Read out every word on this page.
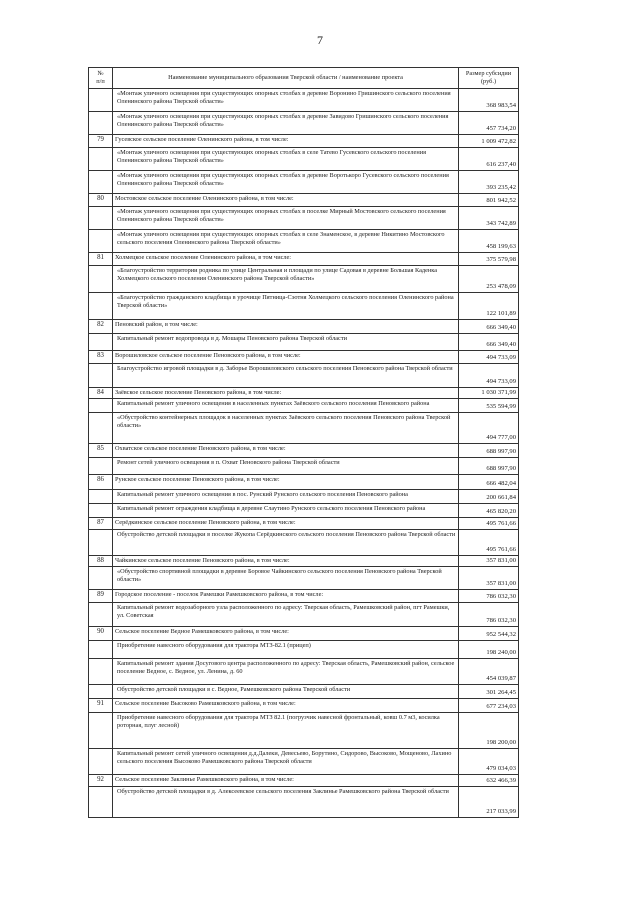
7
№
п/п	Наименование муниципального образования Тверской области / наименование проекта	Размер субсидии (руб.)
	«Монтаж уличного освещения при существующих опорных столбах в деревне Воронино Гришинского сельского поселения Оленинского района Тверской области»	368 983,54
	«Монтаж уличного освещения при существующих опорных столбах в деревне Завидово Гришинского сельского поселения Оленинского района Тверской области»	457 734,20
79	Гусевское сельское поселение Оленинского района, в том числе:	1 009 472,82
	«Монтаж уличного освещения при существующих опорных столбах в селе Татево Гусевского сельского поселения Оленинского района Тверской области»	616 237,40
	«Монтаж уличного освещения при существующих опорных столбах в деревне Воротькоро Гусевского сельского поселения Оленинского района Тверской области»	393 235,42
80	Мостовское сельское поселение Оленинского района, в том числе:	801 942,52
	«Монтаж уличного освещения при существующих опорных столбах в поселке Мирный Мостовского сельского поселения Оленинского района Тверской области»	343 742,89
	«Монтаж уличного освещения при существующих опорных столбах в селе Знаменское, в деревне Никитино Мостовского сельского поселения Оленинского района Тверской области»	458 199,63
81	Холмецкое сельское поселение Оленинского района, в том числе:	375 579,98
	«Благоустройство территории родника по улице Центральная и площади по улице Садовая в деревне Большая Каденка Холмецкого сельского поселения Оленинского района Тверской области»	253 478,09
	«Благоустройство гражданского кладбища в урочище Пятница-Сэотня Холмецкого сельского поселения Оленинского района Тверской области»	122 101,89
82	Пеновский район, в том числе:	666 349,40
	Капитальный ремонт водопровода в д. Мошары Пеновского района Тверской области	666 349,40
83	Ворошиловское сельское поселение Пеновского района, в том числе:	494 733,09
	Благоустройство игровой площадки в д. Заборье Ворошиловского сельского поселения Пеновского района Тверской области	494 733,09
84	Заёвское сельское поселение Пеновского района, в том числе:	1 030 371,99
	Капитальный ремонт уличного освещения в населенных пунктах Заёвского сельского поселения Пеновского района	535 594,99
	«Обустройство контейнерных площадок в населенных пунктах Заёвского сельского поселения Пеновского района Тверской области»	494 777,00
85	Охватское сельское поселение Пеновского района, в том числе:	688 997,90
	Ремонт сетей уличного освещения в п. Охват Пеновского района Тверской области	688 997,90
86	Рунское сельское поселение Пеновского района, в том числе:	666 482,04
	Капитальный ремонт уличного освещения в пос. Рунский Рунского сельского поселения Пеновского района	200 661,84
	Капитальный ремонт ограждения кладбища в деревне Слаутино Рунского сельского поселения Пеновского района	465 820,20
87	Серёдкинское сельское поселение Пеновского района, в том числе:	495 761,66
	Обустройство детской площадки в поселке Жукопа Серёдкинского сельского поселения Пеновского района Тверской области	495 761,66
88	Чайкинское сельское поселение Пеновского района, в том числе:	357 831,00
	«Обустройство спортивной площадки в деревне Боровое Чайкинского сельского поселения Пеновского района Тверской области»	357 831,00
89	Городское поселение - поселок Рамешки Рамешковского района, в том числе:	786 032,30
	Капитальный ремонт водозаборного узла расположенного по адресу: Тверская область, Рамешковский район, пгт Рамешки, ул. Советская	786 032,30
90	Сельское поселение Ведное Рамешковского района, в том числе:	952 544,32
	Приобретение навесного оборудования для трактора МТЗ-82.1 (прицеп)	198 240,00
	Капитальный ремонт здания Досугового центра расположенного по адресу: Тверская область, Рамешковский район, сельское поселение Ведное, с. Ведное, ул. Ленина, д. 60	454 039,87
	Обустройство детской площадки в с. Ведное, Рамешковского района Тверской области	301 264,45
91	Сельское поселение Высоково Рамешковского района, в том числе:	677 234,03
	Приобретение навесного оборудования для трактора МТЗ 82.1 (погрузчик навесной фронтальный, ковш 0.7 м3, косилка роторная, плуг лесной)	198 200,00
	Капитальный ремонт сетей уличного освещения д.д.Далеки, Девесьево, Борутино, Сидорово, Высоково, Мощеново, Лахино сельского поселения Высоково Рамешковского района Тверской области	479 034,03
92	Сельское поселение Заклинье Рамешковского района, в том числе:	632 466,39
	Обустройство детской площадки в д. Алексеевское сельского поселения Заклинье Рамешковского района Тверской области	217 033,99
